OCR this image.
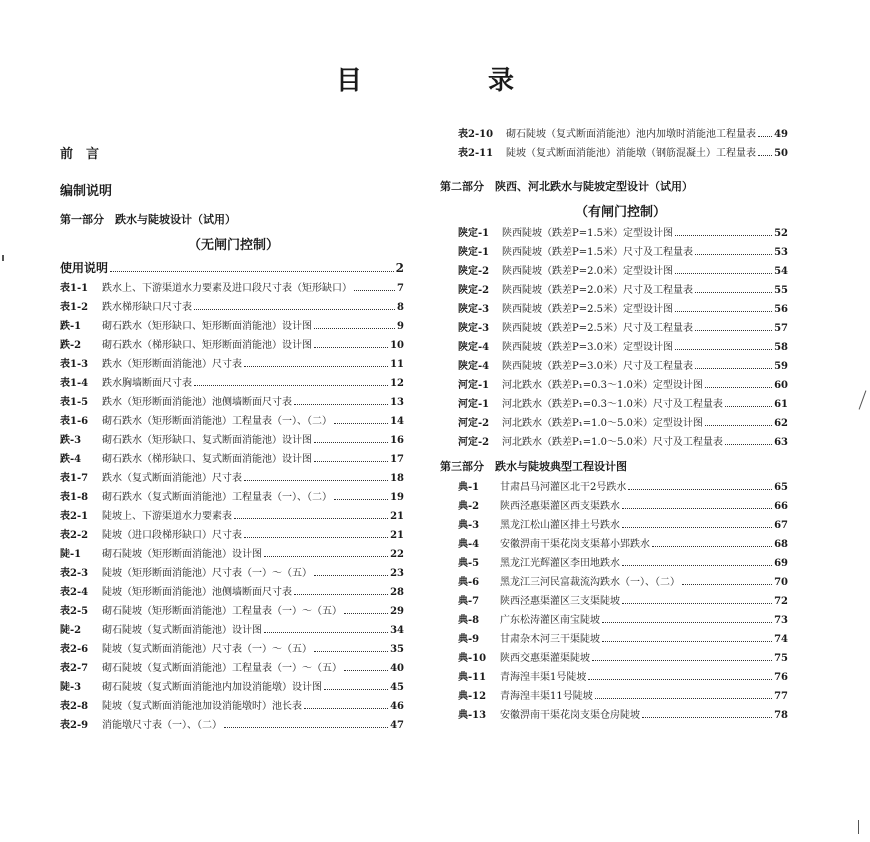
目	录
前　言
编制说明
第一部分　跌水与陡坡设计（试用）
（无闸门控制）
使用说明	2
表1-1	跌水上、下游渠道水力要素及进口段尺寸表（矩形缺口）	7
表1-2	跌水梯形缺口尺寸表	8
跌-1	砌石跌水（矩形缺口、矩形断面消能池）设计图	9
跌-2	砌石跌水（梯形缺口、矩形断面消能池）设计图	10
表1-3	跌水（矩形断面消能池）尺寸表	11
表1-4	跌水胸墙断面尺寸表	12
表1-5	跌水（矩形断面消能池）池侧墙断面尺寸表	13
表1-6	砌石跌水（矩形断面消能池）工程量表（一）、（二）	14
跌-3	砌石跌水（矩形缺口、复式断面消能池）设计图	16
跌-4	砌石跌水（梯形缺口、复式断面消能池）设计图	17
表1-7	跌水（复式断面消能池）尺寸表	18
表1-8	砌石跌水（复式断面消能池）工程量表（一）、（二）	19
表2-1	陡坡上、下游渠道水力要素表	21
表2-2	陡坡（进口段梯形缺口）尺寸表	21
陡-1	砌石陡坡（矩形断面消能池）设计图	22
表2-3	陡坡（矩形断面消能池）尺寸表（一）～（五）	23
表2-4	陡坡（矩形断面消能池）池侧墙断面尺寸表	28
表2-5	砌石陡坡（矩形断面消能池）工程量表（一）～（五）	29
陡-2	砌石陡坡（复式断面消能池）设计图	34
表2-6	陡坡（复式断面消能池）尺寸表（一）～（五）	35
表2-7	砌石陡坡（复式断面消能池）工程量表（一）～（五）	40
陡-3	砌石陡坡（复式断面消能池内加设消能墩）设计图	45
表2-8	陡坡（复式断面消能池加设消能墩时）池长表	46
表2-9	消能墩尺寸表（一）、（二）	47
表2-10	砌石陡坡（复式断面消能池）池内加墩时消能池工程量表 49
表2-11	陡坡（复式断面消能池）消能墩（钢筋混凝土）工程量表 50
第二部分　陕西、河北跌水与陡坡定型设计（试用）
（有闸门控制）
陕定-1	陕西陡坡（跌差P=1.5米）定型设计图	52
陕定-1	陕西陡坡（跌差P=1.5米）尺寸及工程量表	53
陕定-2	陕西陡坡（跌差P=2.0米）定型设计图	54
陕定-2	陕西陡坡（跌差P=2.0米）尺寸及工程量表	55
陕定-3	陕西陡坡（跌差P=2.5米）定型设计图	56
陕定-3	陕西陡坡（跌差P=2.5米）尺寸及工程量表	57
陕定-4	陕西陡坡（跌差P=3.0米）定型设计图	58
陕定-4	陕西陡坡（跌差P=3.0米）尺寸及工程量表	59
河定-1	河北跌水（跌差P₁=0.3～1.0米）定型设计图	60
河定-1	河北跌水（跌差P₁=0.3～1.0米）尺寸及工程量表	61
河定-2	河北跌水（跌差P₁=1.0～5.0米）定型设计图	62
河定-2	河北跌水（跌差P₁=1.0～5.0米）尺寸及工程量表	63
第三部分　跌水与陡坡典型工程设计图
典-1	甘肃昌马河灌区北干2号跌水	65
典-2	陕西泾惠渠灌区西支渠跌水	66
典-3	黑龙江松山灌区排土号跌水	67
典-4	安徽淠南干渠花岗支渠幕小郢跌水	68
典-5	黑龙江光辉灌区李田地跌水	69
典-6	黑龙江三河民富裁流沟跌水（一）、（二）	70
典-7	陕西泾惠渠灌区三支渠陡坡	72
典-8	广东松涛灌区南宝陡坡	73
典-9	甘肃杂木河三干渠陡坡	74
典-10	陕西交惠渠灌渠陡坡	75
典-11	青海湟丰渠1号陡坡	76
典-12	青海湟丰渠11号陡坡	77
典-13	安徽淠南干渠花岗支渠仓房陡坡	78
